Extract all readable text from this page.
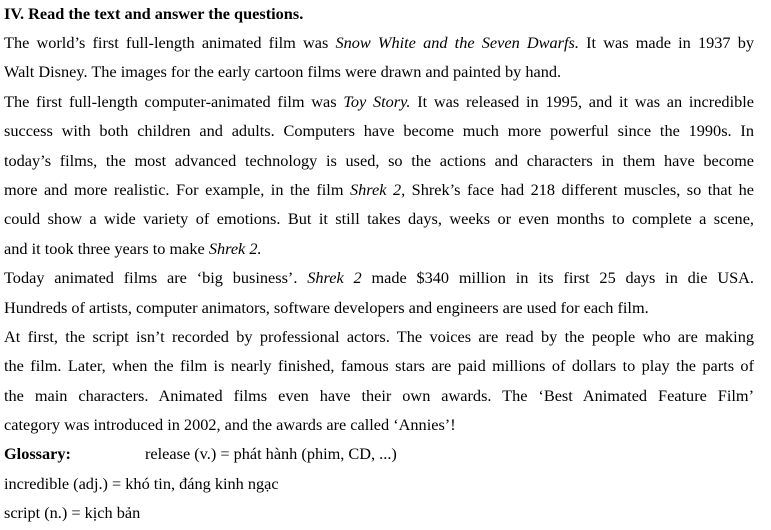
IV. Read the text and answer the questions.
The world’s first full-length animated film was Snow White and the Seven Dwarfs. It was made in 1937 by
Walt Disney. The images for the early cartoon films were drawn and painted by hand.
The first full-length computer-animated film was Toy Story. It was released in 1995, and it was an incredible
success with both children and adults. Computers have become much more powerful since the 1990s. In
today’s films, the most advanced technology is used, so the actions and characters in them have become
more and more realistic. For example, in the film Shrek 2, Shrek’s face had 218 different muscles, so that he
could show a wide variety of emotions. But it still takes days, weeks or even months to complete a scene,
and it took three years to make Shrek 2.
Today animated films are ‘big business’. Shrek 2 made $340 million in its first 25 days in die USA.
Hundreds of artists, computer animators, software developers and engineers are used for each film.
At first, the script isn’t recorded by professional actors. The voices are read by the people who are making
the film. Later, when the film is nearly finished, famous stars are paid millions of dollars to play the parts of
the main characters. Animated films even have their own awards. The ‘Best Animated Feature Film’
category was introduced in 2002, and the awards are called ‘Annies’!
Glossary:	release (v.) = phát hành (phim, CD, ...)
incredible (adj.) = khó tin, đáng kinh ngạc
script (n.) = kịch bản
